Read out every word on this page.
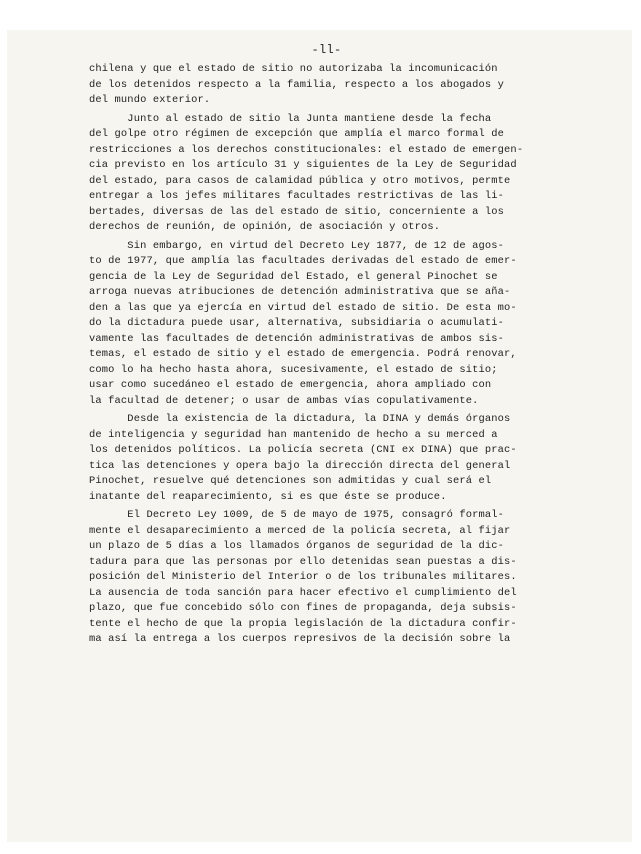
-ll-
chilena y que el estado de sitio no autorizaba la incomunicación
de los detenidos respecto a la familia, respecto a los abogados y
del mundo exterior.
Junto al estado de sitio la Junta mantiene desde la fecha
del golpe otro régimen de excepción que amplía el marco formal de
restricciones a los derechos constitucionales: el estado de emergen-
cia previsto en los artículo 31 y siguientes de la Ley de Seguridad
del estado, para casos de calamidad pública y otro motivos, permte
entregar a los jefes militares facultades restrictivas de las li-
bertades, diversas de las del estado de sitio, concerniente a los
derechos de reunión, de opinión, de asociación y otros.
Sin embargo, en virtud del Decreto Ley 1877, de 12 de agos-
to de 1977, que amplía las facultades derivadas del estado de emer-
gencia de la Ley de Seguridad del Estado, el general Pinochet se
arroga nuevas atribuciones de detención administrativa que se aña-
den a las que ya ejercía en virtud del estado de sitio. De esta mo-
do la dictadura puede usar, alternativa, subsidiaria o acumulati-
vamente las facultades de detención administrativas de ambos sis-
temas, el estado de sitio y el estado de emergencia. Podrá renovar,
como lo ha hecho hasta ahora, sucesivamente, el estado de sitio;
usar como sucedáneo el estado de emergencia, ahora ampliado con
la facultad de detener; o usar de ambas vías copulativamente.
Desde la existencia de la dictadura, la DINA y demás órganos
de inteligencia y seguridad han mantenido de hecho a su merced a
los detenidos políticos. La policía secreta (CNI ex DINA) que prac-
tica las detenciones y opera bajo la dirección directa del general
Pinochet, resuelve qué detenciones son admitidas y cual será el
inatante del reaparecimiento, si es que éste se produce.
El Decreto Ley 1009, de 5 de mayo de 1975, consagró formal-
mente el desaparecimiento a merced de la policía secreta, al fijar
un plazo de 5 días a los llamados órganos de seguridad de la dic-
tadura para que las personas por ello detenidas sean puestas a dis-
posición del Ministerio del Interior o de los tribunales militares.
La ausencia de toda sanción para hacer efectivo el cumplimiento del
plazo, que fue concebido sólo con fines de propaganda, deja subsis-
tente el hecho de que la propia legislación de la dictadura confir-
ma así la entrega a los cuerpos represivos de la decisión sobre la
